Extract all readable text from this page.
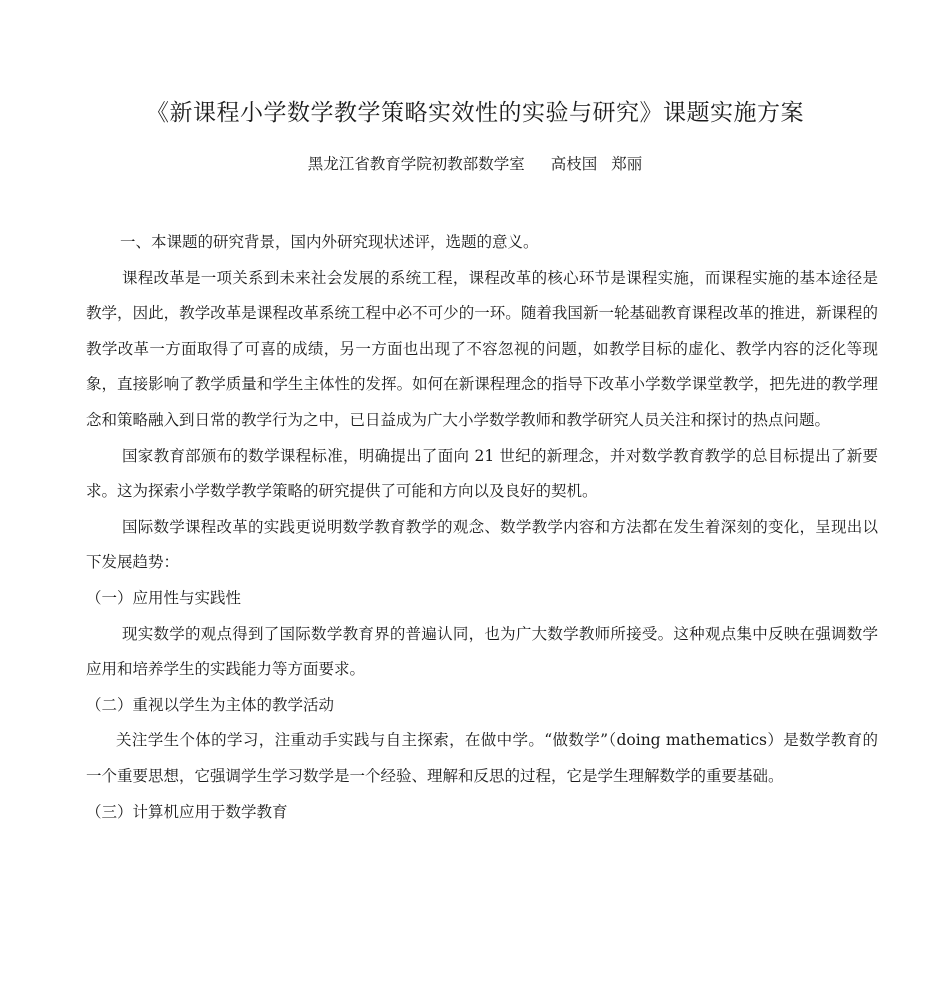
《新课程小学数学教学策略实效性的实验与研究》课题实施方案
黑龙江省教育学院初教部数学室 高枝国 郑丽

一、本课题的研究背景，国内外研究现状述评，选题的意义。

课程改革是一项关系到未来社会发展的系统工程，课程改革的核心环节是课程实施，而课程实施的基本途径是教学，因此，教学改革是课程改革系统工程中必不可少的一环。随着我国新一轮基础教育课程改革的推进，新课程的教学改革一方面取得了可喜的成绩，另一方面也出现了不容忽视的问题，如教学目标的虚化、教学内容的泛化等现象，直接影响了教学质量和学生主体性的发挥。如何在新课程理念的指导下改革小学数学课堂教学，把先进的教学理念和策略融入到日常的教学行为之中，已日益成为广大小学数学教师和教学研究人员关注和探讨的热点问题。

国家教育部颁布的数学课程标准，明确提出了面向 21 世纪的新理念，并对数学教育教学的总目标提出了新要求。这为探索小学数学教学策略的研究提供了可能和方向以及良好的契机。

国际数学课程改革的实践更说明数学教育教学的观念、数学教学内容和方法都在发生着深刻的变化，呈现出以下发展趋势：

（一）应用性与实践性

现实数学的观点得到了国际数学教育界的普遍认同，也为广大数学教师所接受。这种观点集中反映在强调数学应用和培养学生的实践能力等方面要求。

（二）重视以学生为主体的教学活动

关注学生个体的学习，注重动手实践与自主探索，在做中学。“做数学”（doing mathematics）是数学教育的一个重要思想，它强调学生学习数学是一个经验、理解和反思的过程，它是学生理解数学的重要基础。

（三）计算机应用于数学教育
